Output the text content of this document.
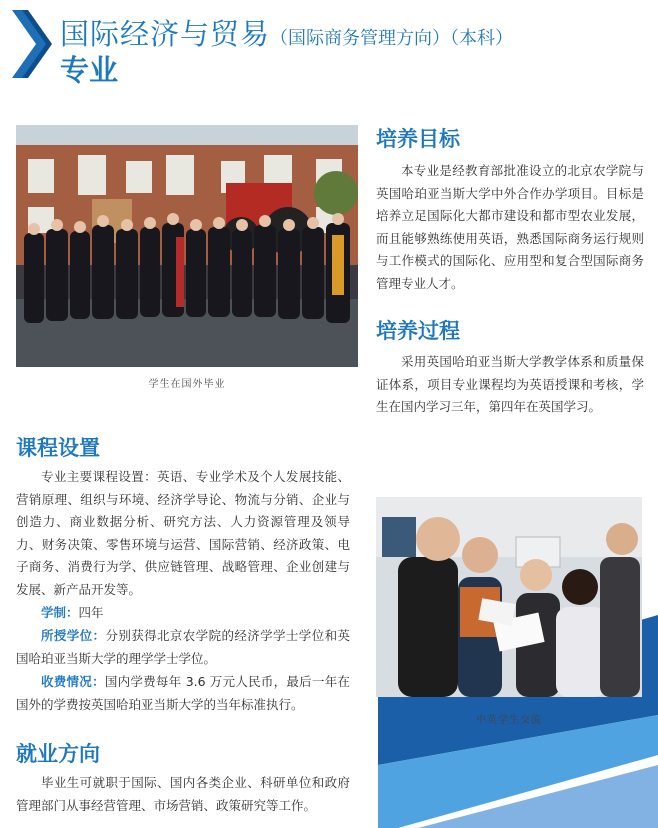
国际经济与贸易（国际商务管理方向）（本科）
专业
学生在国外毕业
培养目标
本专业是经教育部批准设立的北京农学院与英国哈珀亚当斯大学中外合作办学项目。目标是培养立足国际化大都市建设和都市型农业发展，而且能够熟练使用英语，熟悉国际商务运行规则与工作模式的国际化、应用型和复合型国际商务管理专业人才。
培养过程
采用英国哈珀亚当斯大学教学体系和质量保证体系，项目专业课程均为英语授课和考核，学生在国内学习三年，第四年在英国学习。
课程设置
专业主要课程设置：英语、专业学术及个人发展技能、营销原理、组织与环境、经济学导论、物流与分销、企业与创造力、商业数据分析、研究方法、人力资源管理及领导力、财务决策、零售环境与运营、国际营销、经济政策、电子商务、消费行为学、供应链管理、战略管理、企业创建与发展、新产品开发等。
学制：四年
所授学位：分别获得北京农学院的经济学学士学位和英国哈珀亚当斯大学的理学学士学位。
收费情况：国内学费每年 3.6 万元人民币，最后一年在国外的学费按英国哈珀亚当斯大学的当年标准执行。
就业方向
毕业生可就职于国际、国内各类企业、科研单位和政府管理部门从事经营管理、市场营销、政策研究等工作。
中英学生交流
